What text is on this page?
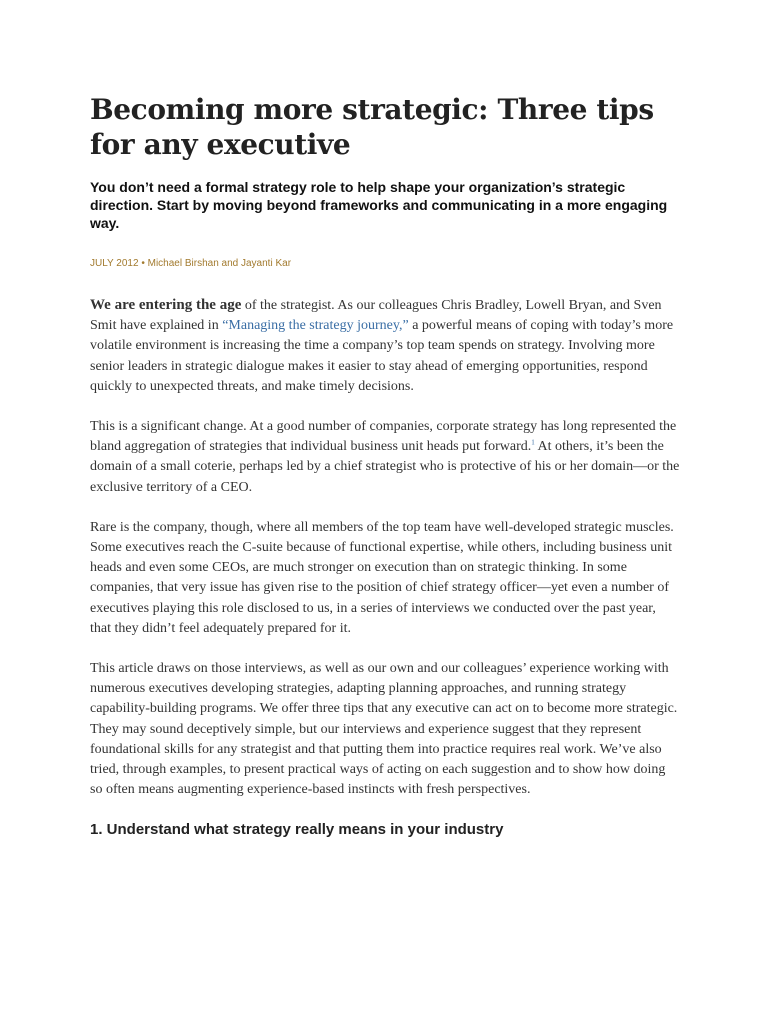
Becoming more strategic: Three tips for any executive

You don’t need a formal strategy role to help shape your organization’s strategic direction. Start by moving beyond frameworks and communicating in a more engaging way.

JULY 2012 • Michael Birshan and Jayanti Kar

We are entering the age of the strategist. As our colleagues Chris Bradley, Lowell Bryan, and Sven Smit have explained in “Managing the strategy journey,” a powerful means of coping with today’s more volatile environment is increasing the time a company’s top team spends on strategy. Involving more senior leaders in strategic dialogue makes it easier to stay ahead of emerging opportunities, respond quickly to unexpected threats, and make timely decisions.

This is a significant change. At a good number of companies, corporate strategy has long represented the bland aggregation of strategies that individual business unit heads put forward.$^1$ At others, it’s been the domain of a small coterie, perhaps led by a chief strategist who is protective of his or her domain—or the exclusive territory of a CEO.

Rare is the company, though, where all members of the top team have well-developed strategic muscles. Some executives reach the C-suite because of functional expertise, while others, including business unit heads and even some CEOs, are much stronger on execution than on strategic thinking. In some companies, that very issue has given rise to the position of chief strategy officer—yet even a number of executives playing this role disclosed to us, in a series of interviews we conducted over the past year, that they didn’t feel adequately prepared for it.

This article draws on those interviews, as well as our own and our colleagues’ experience working with numerous executives developing strategies, adapting planning approaches, and running strategy capability-building programs. We offer three tips that any executive can act on to become more strategic. They may sound deceptively simple, but our interviews and experience suggest that they represent foundational skills for any strategist and that putting them into practice requires real work. We’ve also tried, through examples, to present practical ways of acting on each suggestion and to show how doing so often means augmenting experience-based instincts with fresh perspectives.

1. Understand what strategy really means in your industry
